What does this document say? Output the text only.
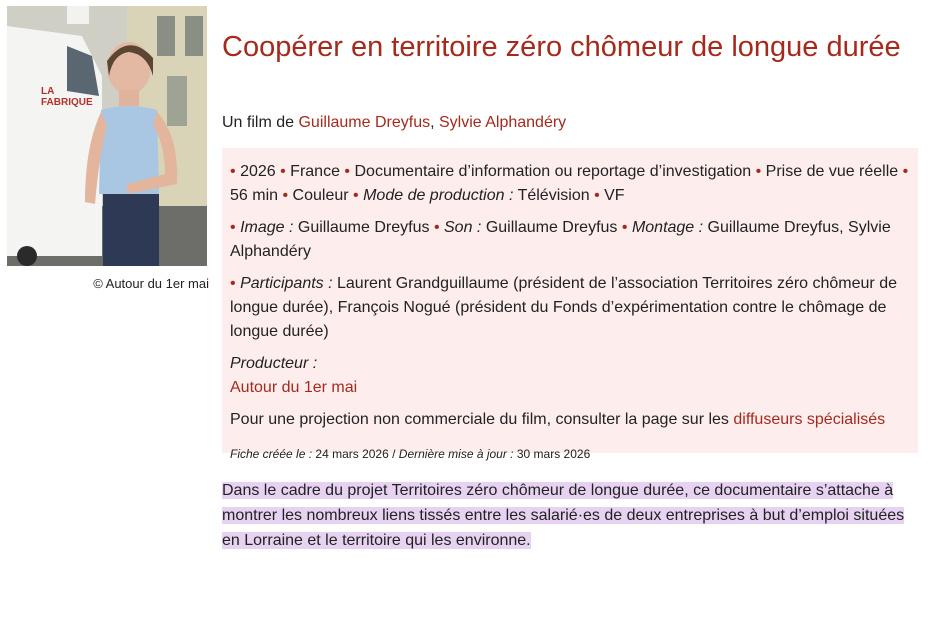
LA
FABRIQUE
© Autour du 1er mai
Coopérer en territoire zéro chômeur de longue durée
Un film de Guillaume Dreyfus, Sylvie Alphandéry

• 2026 • France • Documentaire d’information ou reportage d’investigation • Prise de vue réelle • 56 min • Couleur • Mode de production : Télévision • VF

• Image : Guillaume Dreyfus • Son : Guillaume Dreyfus • Montage : Guillaume Dreyfus, Sylvie Alphandéry

• Participants : Laurent Grandguillaume (président de l’association Territoires zéro chômeur de longue durée), François Nogué (président du Fonds d’expérimentation contre le chômage de longue durée)

Producteur :

Autour du 1er mai

Pour une projection non commerciale du film, consulter la page sur les diffuseurs spécialisés

Fiche créée le : 24 mars 2026 / Dernière mise à jour : 30 mars 2026
Dans le cadre du projet Territoires zéro chômeur de longue durée, ce documentaire s’attache à montrer les nombreux liens tissés entre les salarié·es de deux entreprises à but d’emploi situées en Lorraine et le territoire qui les environne.
